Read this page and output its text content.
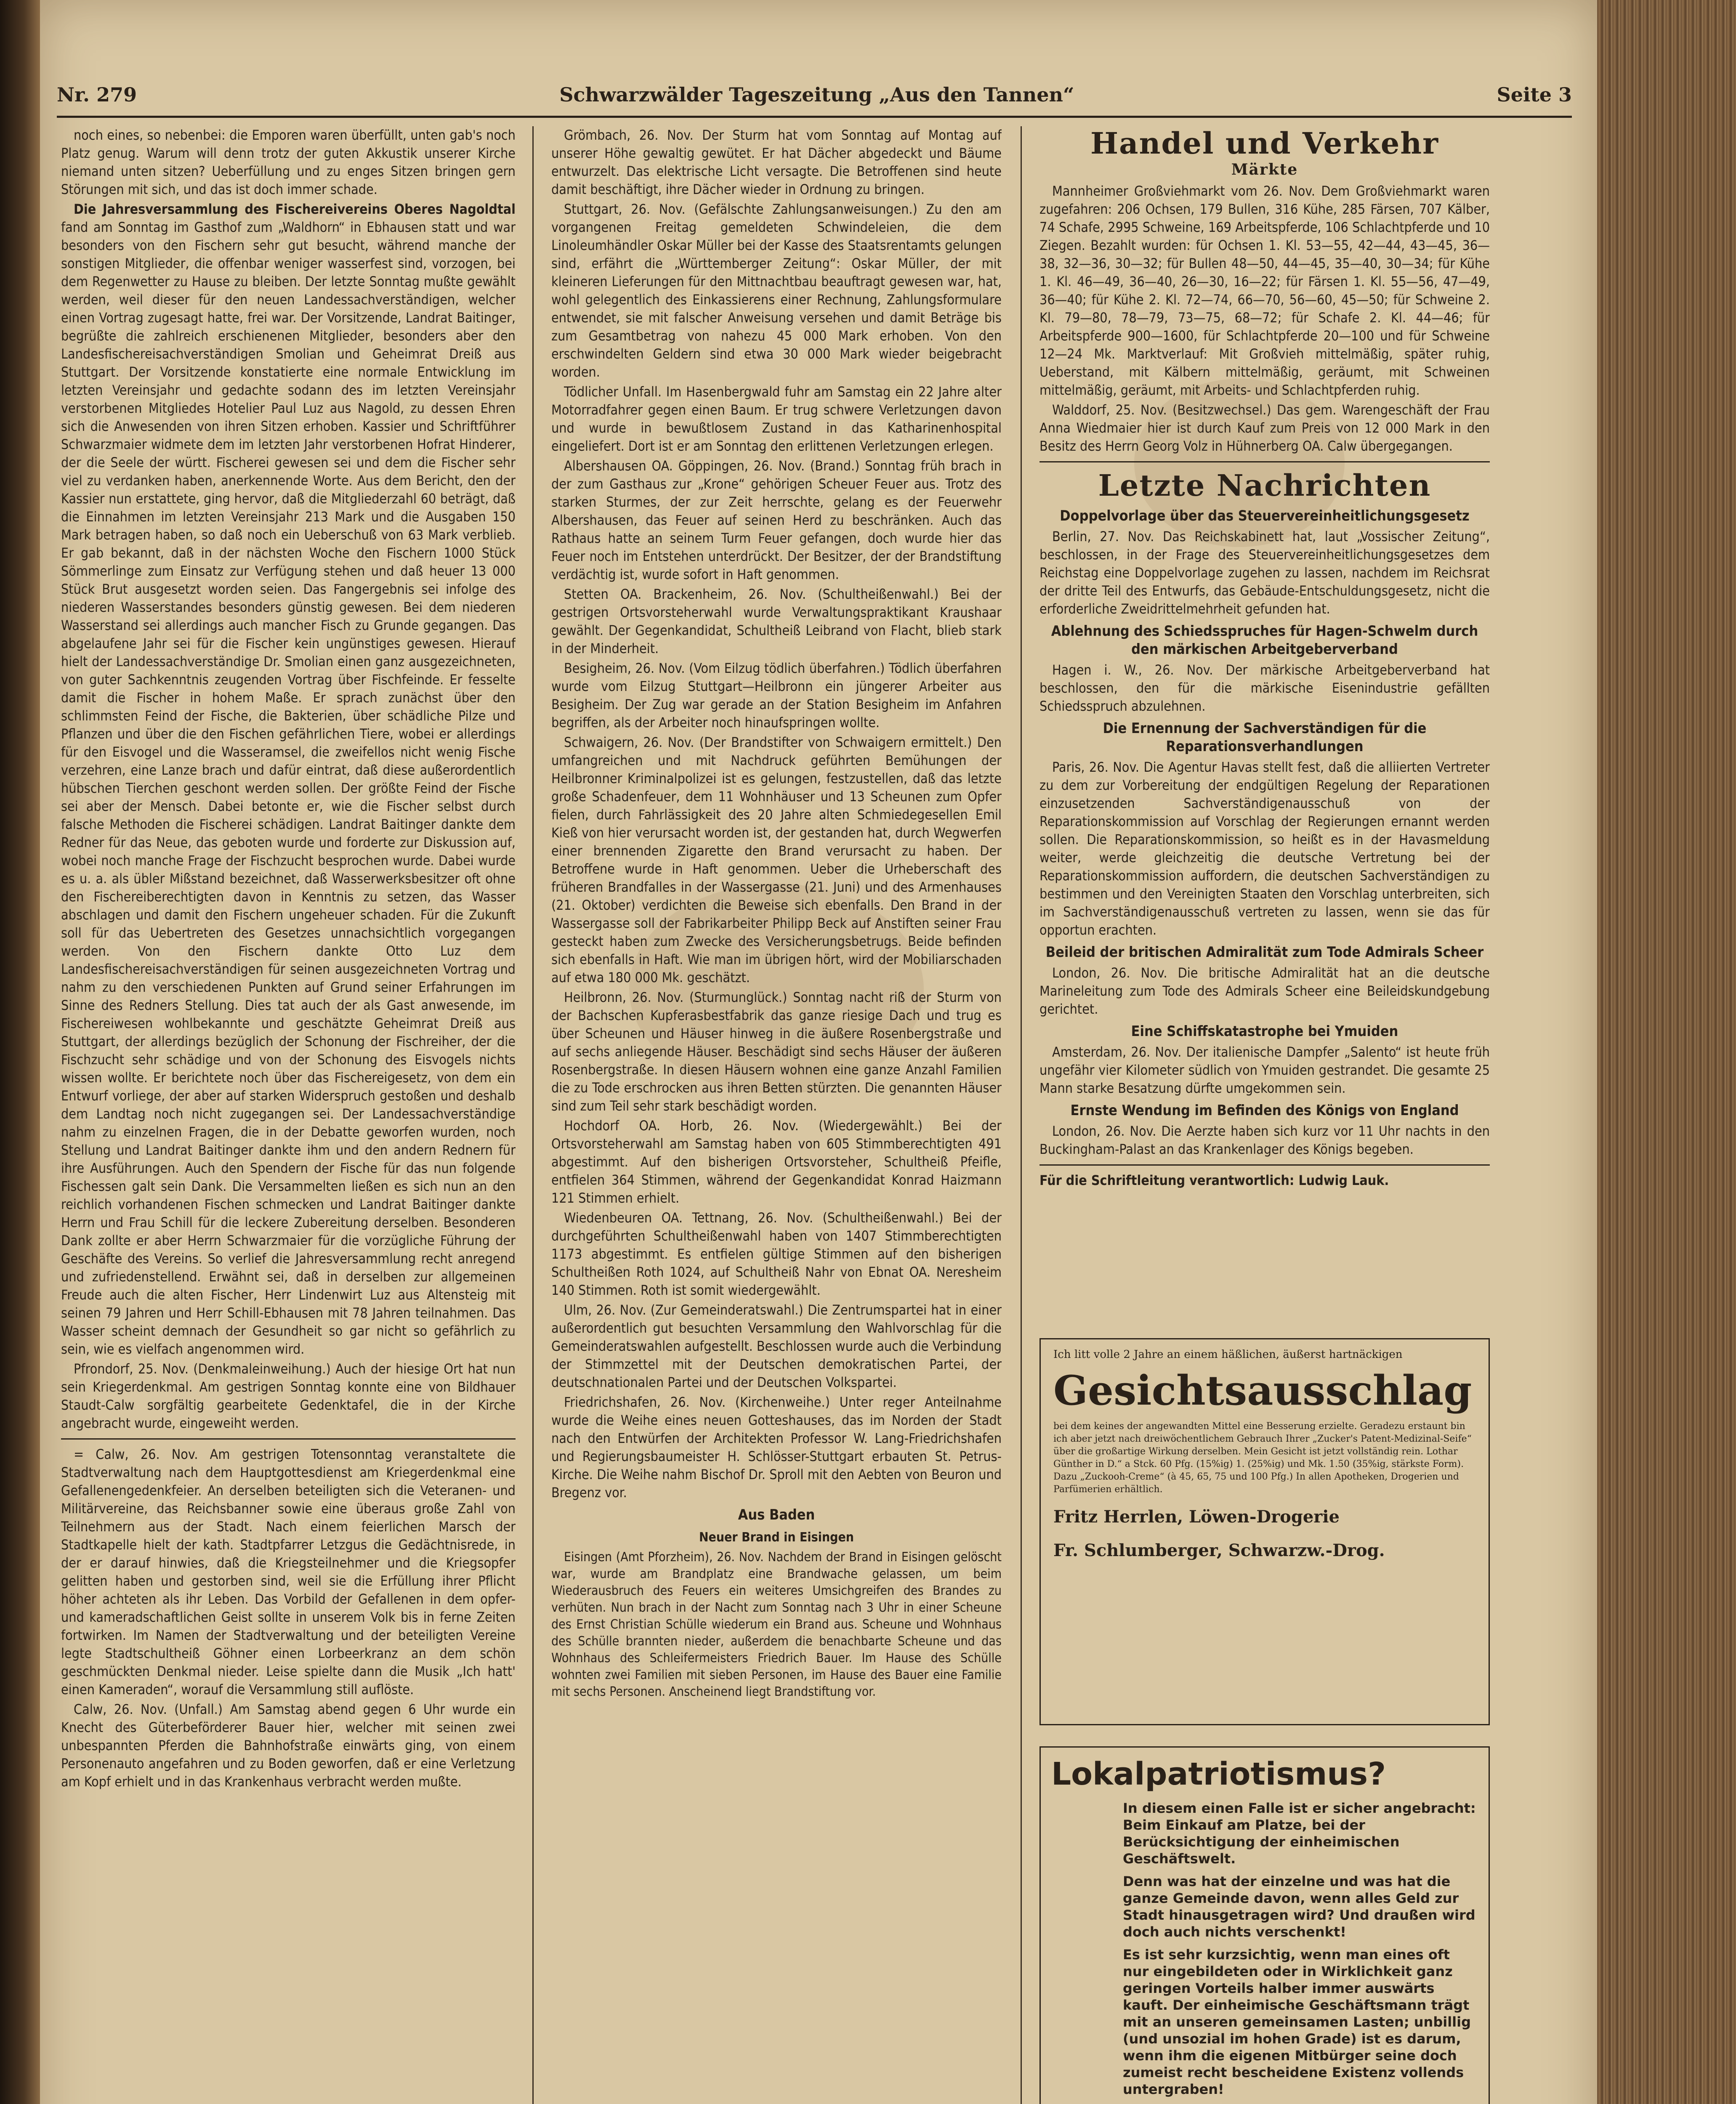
Nr. 279	Schwarzwälder Tageszeitung „Aus den Tannen“	Seite 3

noch eines, so nebenbei: die Emporen waren überfüllt, unten gab's noch Platz genug. Warum will denn trotz der guten Akkustik unserer Kirche niemand unten sitzen? Ueberfüllung und zu enges Sitzen bringen gern Störungen mit sich, und das ist doch immer schade.

Die Jahresversammlung des Fischereivereins Oberes Nagoldtal fand am Sonntag im Gasthof zum „Waldhorn“ in Ebhausen statt und war besonders von den Fischern sehr gut besucht, während manche der sonstigen Mitglieder, die offenbar weniger wasserfest sind, vorzogen, bei dem Regenwetter zu Hause zu bleiben. Der letzte Sonntag mußte gewählt werden, weil dieser für den neuen Landessachverständigen, welcher einen Vortrag zugesagt hatte, frei war. Der Vorsitzende, Landrat Baitinger, begrüßte die zahlreich erschienenen Mitglieder, besonders aber den Landesfischereisachverständigen Smolian und Geheimrat Dreiß aus Stuttgart. Der Vorsitzende konstatierte eine normale Entwicklung im letzten Vereinsjahr und gedachte sodann des im letzten Vereinsjahr verstorbenen Mitgliedes Hotelier Paul Luz aus Nagold, zu dessen Ehren sich die Anwesenden von ihren Sitzen erhoben. Kassier und Schriftführer Schwarzmaier widmete dem im letzten Jahr verstorbenen Hofrat Hinderer, der die Seele der württ. Fischerei gewesen sei und dem die Fischer sehr viel zu verdanken haben, anerkennende Worte. Aus dem Bericht, den der Kassier nun erstattete, ging hervor, daß die Mitgliederzahl 60 beträgt, daß die Einnahmen im letzten Vereinsjahr 213 Mark und die Ausgaben 150 Mark betragen haben, so daß noch ein Ueberschuß von 63 Mark verblieb. Er gab bekannt, daß in der nächsten Woche den Fischern 1000 Stück Sömmerlinge zum Einsatz zur Verfügung stehen und daß heuer 13 000 Stück Brut ausgesetzt worden seien. Das Fangergebnis sei infolge des niederen Wasserstandes besonders günstig gewesen. Bei dem niederen Wasserstand sei allerdings auch mancher Fisch zu Grunde gegangen. Das abgelaufene Jahr sei für die Fischer kein ungünstiges gewesen. Hierauf hielt der Landessachverständige Dr. Smolian einen ganz ausgezeichneten, von guter Sachkenntnis zeugenden Vortrag über Fischfeinde. Er fesselte damit die Fischer in hohem Maße. Er sprach zunächst über den schlimmsten Feind der Fische, die Bakterien, über schädliche Pilze und Pflanzen und über die den Fischen gefährlichen Tiere, wobei er allerdings für den Eisvogel und die Wasseramsel, die zweifellos nicht wenig Fische verzehren, eine Lanze brach und dafür eintrat, daß diese außerordentlich hübschen Tierchen geschont werden sollen. Der größte Feind der Fische sei aber der Mensch. Dabei betonte er, wie die Fischer selbst durch falsche Methoden die Fischerei schädigen. Landrat Baitinger dankte dem Redner für das Neue, das geboten wurde und forderte zur Diskussion auf, wobei noch manche Frage der Fischzucht besprochen wurde. Dabei wurde es u. a. als übler Mißstand bezeichnet, daß Wasserwerksbesitzer oft ohne den Fischereiberechtigten davon in Kenntnis zu setzen, das Wasser abschlagen und damit den Fischern ungeheuer schaden. Für die Zukunft soll für das Uebertreten des Gesetzes unnachsichtlich vorgegangen werden. Von den Fischern dankte Otto Luz dem Landesfischereisachverständigen für seinen ausgezeichneten Vortrag und nahm zu den verschiedenen Punkten auf Grund seiner Erfahrungen im Sinne des Redners Stellung. Dies tat auch der als Gast anwesende, im Fischereiwesen wohlbekannte und geschätzte Geheimrat Dreiß aus Stuttgart, der allerdings bezüglich der Schonung der Fischreiher, der die Fischzucht sehr schädige und von der Schonung des Eisvogels nichts wissen wollte. Er berichtete noch über das Fischereigesetz, von dem ein Entwurf vorliege, der aber auf starken Widerspruch gestoßen und deshalb dem Landtag noch nicht zugegangen sei. Der Landessachverständige nahm zu einzelnen Fragen, die in der Debatte geworfen wurden, noch Stellung und Landrat Baitinger dankte ihm und den andern Rednern für ihre Ausführungen. Auch den Spendern der Fische für das nun folgende Fischessen galt sein Dank. Die Versammelten ließen es sich nun an den reichlich vorhandenen Fischen schmecken und Landrat Baitinger dankte Herrn und Frau Schill für die leckere Zubereitung derselben. Besonderen Dank zollte er aber Herrn Schwarzmaier für die vorzügliche Führung der Geschäfte des Vereins. So verlief die Jahresversammlung recht anregend und zufriedenstellend. Erwähnt sei, daß in derselben zur allgemeinen Freude auch die alten Fischer, Herr Lindenwirt Luz aus Altensteig mit seinen 79 Jahren und Herr Schill-Ebhausen mit 78 Jahren teilnahmen. Das Wasser scheint demnach der Gesundheit so gar nicht so gefährlich zu sein, wie es vielfach angenommen wird.

Pfrondorf, 25. Nov. (Denkmaleinweihung.) Auch der hiesige Ort hat nun sein Kriegerdenkmal. Am gestrigen Sonntag konnte eine von Bildhauer Staudt-Calw sorgfältig gearbeitete Gedenktafel, die in der Kirche angebracht wurde, eingeweiht werden.

= Calw, 26. Nov. Am gestrigen Totensonntag veranstaltete die Stadtverwaltung nach dem Hauptgottesdienst am Kriegerdenkmal eine Gefallenengedenkfeier. An derselben beteiligten sich die Veteranen- und Militärvereine, das Reichsbanner sowie eine überaus große Zahl von Teilnehmern aus der Stadt. Nach einem feierlichen Marsch der Stadtkapelle hielt der kath. Stadtpfarrer Letzgus die Gedächtnisrede, in der er darauf hinwies, daß die Kriegsteilnehmer und die Kriegsopfer gelitten haben und gestorben sind, weil sie die Erfüllung ihrer Pflicht höher achteten als ihr Leben. Das Vorbild der Gefallenen in dem opfer- und kameradschaftlichen Geist sollte in unserem Volk bis in ferne Zeiten fortwirken. Im Namen der Stadtverwaltung und der beteiligten Vereine legte Stadtschultheiß Göhner einen Lorbeerkranz an dem schön geschmückten Denkmal nieder. Leise spielte dann die Musik „Ich hatt' einen Kameraden“, worauf die Versammlung still auflöste.

Calw, 26. Nov. (Unfall.) Am Samstag abend gegen 6 Uhr wurde ein Knecht des Güterbeförderer Bauer hier, welcher mit seinen zwei unbespannten Pferden die Bahnhofstraße einwärts ging, von einem Personenauto angefahren und zu Boden geworfen, daß er eine Verletzung am Kopf erhielt und in das Krankenhaus verbracht werden mußte.

Grömbach, 26. Nov. Der Sturm hat vom Sonntag auf Montag auf unserer Höhe gewaltig gewütet. Er hat Dächer abgedeckt und Bäume entwurzelt. Das elektrische Licht versagte. Die Betroffenen sind heute damit beschäftigt, ihre Dächer wieder in Ordnung zu bringen.

Stuttgart, 26. Nov. (Gefälschte Zahlungsanweisungen.) Zu den am vorgangenen Freitag gemeldeten Schwindeleien, die dem Linoleumhändler Oskar Müller bei der Kasse des Staatsrentamts gelungen sind, erfährt die „Württemberger Zeitung“: Oskar Müller, der mit kleineren Lieferungen für den Mittnachtbau beauftragt gewesen war, hat, wohl gelegentlich des Einkassierens einer Rechnung, Zahlungsformulare entwendet, sie mit falscher Anweisung versehen und damit Beträge bis zum Gesamtbetrag von nahezu 45 000 Mark erhoben. Von den erschwindelten Geldern sind etwa 30 000 Mark wieder beigebracht worden.

Tödlicher Unfall. Im Hasenbergwald fuhr am Samstag ein 22 Jahre alter Motorradfahrer gegen einen Baum. Er trug schwere Verletzungen davon und wurde in bewußtlosem Zustand in das Katharinenhospital eingeliefert. Dort ist er am Sonntag den erlittenen Verletzungen erlegen.

Albershausen OA. Göppingen, 26. Nov. (Brand.) Sonntag früh brach in der zum Gasthaus zur „Krone“ gehörigen Scheuer Feuer aus. Trotz des starken Sturmes, der zur Zeit herrschte, gelang es der Feuerwehr Albershausen, das Feuer auf seinen Herd zu beschränken. Auch das Rathaus hatte an seinem Turm Feuer gefangen, doch wurde hier das Feuer noch im Entstehen unterdrückt. Der Besitzer, der der Brandstiftung verdächtig ist, wurde sofort in Haft genommen.

Stetten OA. Brackenheim, 26. Nov. (Schultheißenwahl.) Bei der gestrigen Ortsvorsteherwahl wurde Verwaltungspraktikant Kraushaar gewählt. Der Gegenkandidat, Schultheiß Leibrand von Flacht, blieb stark in der Minderheit.

Besigheim, 26. Nov. (Vom Eilzug tödlich überfahren.) Tödlich überfahren wurde vom Eilzug Stuttgart—Heilbronn ein jüngerer Arbeiter aus Besigheim. Der Zug war gerade an der Station Besigheim im Anfahren begriffen, als der Arbeiter noch hinaufspringen wollte.

Schwaigern, 26. Nov. (Der Brandstifter von Schwaigern ermittelt.) Den umfangreichen und mit Nachdruck geführten Bemühungen der Heilbronner Kriminalpolizei ist es gelungen, festzustellen, daß das letzte große Schadenfeuer, dem 11 Wohnhäuser und 13 Scheunen zum Opfer fielen, durch Fahrlässigkeit des 20 Jahre alten Schmiedegesellen Emil Kieß von hier verursacht worden ist, der gestanden hat, durch Wegwerfen einer brennenden Zigarette den Brand verursacht zu haben. Der Betroffene wurde in Haft genommen. Ueber die Urheberschaft des früheren Brandfalles in der Wassergasse (21. Juni) und des Armenhauses (21. Oktober) verdichten die Beweise sich ebenfalls. Den Brand in der Wassergasse soll der Fabrikarbeiter Philipp Beck auf Anstiften seiner Frau gesteckt haben zum Zwecke des Versicherungsbetrugs. Beide befinden sich ebenfalls in Haft. Wie man im übrigen hört, wird der Mobiliarschaden auf etwa 180 000 Mk. geschätzt.

Heilbronn, 26. Nov. (Sturmunglück.) Sonntag nacht riß der Sturm von der Bachschen Kupferasbestfabrik das ganze riesige Dach und trug es über Scheunen und Häuser hinweg in die äußere Rosenbergstraße und auf sechs anliegende Häuser. Beschädigt sind sechs Häuser der äußeren Rosenbergstraße. In diesen Häusern wohnen eine ganze Anzahl Familien die zu Tode erschrocken aus ihren Betten stürzten. Die genannten Häuser sind zum Teil sehr stark beschädigt worden.

Hochdorf OA. Horb, 26. Nov. (Wiedergewählt.) Bei der Ortsvorsteherwahl am Samstag haben von 605 Stimmberechtigten 491 abgestimmt. Auf den bisherigen Ortsvorsteher, Schultheiß Pfeifle, entfielen 364 Stimmen, während der Gegenkandidat Konrad Haizmann 121 Stimmen erhielt.

Wiedenbeuren OA. Tettnang, 26. Nov. (Schultheißenwahl.) Bei der durchgeführten Schultheißenwahl haben von 1407 Stimmberechtigten 1173 abgestimmt. Es entfielen gültige Stimmen auf den bisherigen Schultheißen Roth 1024, auf Schultheiß Nahr von Ebnat OA. Neresheim 140 Stimmen. Roth ist somit wiedergewählt.

Ulm, 26. Nov. (Zur Gemeinderatswahl.) Die Zentrumspartei hat in einer außerordentlich gut besuchten Versammlung den Wahlvorschlag für die Gemeinderatswahlen aufgestellt. Beschlossen wurde auch die Verbindung der Stimmzettel mit der Deutschen demokratischen Partei, der deutschnationalen Partei und der Deutschen Volkspartei.

Friedrichshafen, 26. Nov. (Kirchenweihe.) Unter reger Anteilnahme wurde die Weihe eines neuen Gotteshauses, das im Norden der Stadt nach den Entwürfen der Architekten Professor W. Lang-Friedrichshafen und Regierungsbaumeister H. Schlösser-Stuttgart erbauten St. Petrus-Kirche. Die Weihe nahm Bischof Dr. Sproll mit den Aebten von Beuron und Bregenz vor.

Aus Baden
Neuer Brand in Eisingen

Eisingen (Amt Pforzheim), 26. Nov. Nachdem der Brand in Eisingen gelöscht war, wurde am Brandplatz eine Brandwache gelassen, um beim Wiederausbruch des Feuers ein weiteres Umsichgreifen des Brandes zu verhüten. Nun brach in der Nacht zum Sonntag nach 3 Uhr in einer Scheune des Ernst Christian Schülle wiederum ein Brand aus. Scheune und Wohnhaus des Schülle brannten nieder, außerdem die benachbarte Scheune und das Wohnhaus des Schleifermeisters Friedrich Bauer. Im Hause des Schülle wohnten zwei Familien mit sieben Personen, im Hause des Bauer eine Familie mit sechs Personen. Anscheinend liegt Brandstiftung vor.

Handel und Verkehr
Märkte

Mannheimer Großviehmarkt vom 26. Nov. Dem Großviehmarkt waren zugefahren: 206 Ochsen, 179 Bullen, 316 Kühe, 285 Färsen, 707 Kälber, 74 Schafe, 2995 Schweine, 169 Arbeitspferde, 106 Schlachtpferde und 10 Ziegen. Bezahlt wurden: für Ochsen 1. Kl. 53—55, 42—44, 43—45, 36—38, 32—36, 30—32; für Bullen 48—50, 44—45, 35—40, 30—34; für Kühe 1. Kl. 46—49, 36—40, 26—30, 16—22; für Färsen 1. Kl. 55—56, 47—49, 36—40; für Kühe 2. Kl. 72—74, 66—70, 56—60, 45—50; für Schweine 2. Kl. 79—80, 78—79, 73—75, 68—72; für Schafe 2. Kl. 44—46; für Arbeitspferde 900—1600, für Schlachtpferde 20—100 und für Schweine 12—24 Mk. Marktverlauf: Mit Großvieh mittelmäßig, später ruhig, Ueberstand, mit Kälbern mittelmäßig, geräumt, mit Schweinen mittelmäßig, geräumt, mit Arbeits- und Schlachtpferden ruhig.

Walddorf, 25. Nov. (Besitzwechsel.) Das gem. Warengeschäft der Frau Anna Wiedmaier hier ist durch Kauf zum Preis von 12 000 Mark in den Besitz des Herrn Georg Volz in Hühnerberg OA. Calw übergegangen.

Letzte Nachrichten
Doppelvorlage über das Steuervereinheitlichungsgesetz

Berlin, 27. Nov. Das Reichskabinett hat, laut „Vossischer Zeitung“, beschlossen, in der Frage des Steuervereinheitlichungsgesetzes dem Reichstag eine Doppelvorlage zugehen zu lassen, nachdem im Reichsrat der dritte Teil des Entwurfs, das Gebäude-Entschuldungsgesetz, nicht die erforderliche Zweidrittelmehrheit gefunden hat.

Ablehnung des Schiedsspruches für Hagen-Schwelm durch den märkischen Arbeitgeberverband

Hagen i. W., 26. Nov. Der märkische Arbeitgeberverband hat beschlossen, den für die märkische Eisenindustrie gefällten Schiedsspruch abzulehnen.

Die Ernennung der Sachverständigen für die Reparationsverhandlungen

Paris, 26. Nov. Die Agentur Havas stellt fest, daß die alliierten Vertreter zu dem zur Vorbereitung der endgültigen Regelung der Reparationen einzusetzenden Sachverständigenausschuß von der Reparationskommission auf Vorschlag der Regierungen ernannt werden sollen. Die Reparationskommission, so heißt es in der Havasmeldung weiter, werde gleichzeitig die deutsche Vertretung bei der Reparationskommission auffordern, die deutschen Sachverständigen zu bestimmen und den Vereinigten Staaten den Vorschlag unterbreiten, sich im Sachverständigenausschuß vertreten zu lassen, wenn sie das für opportun erachten.

Beileid der britischen Admiralität zum Tode Admirals Scheer

London, 26. Nov. Die britische Admiralität hat an die deutsche Marineleitung zum Tode des Admirals Scheer eine Beileidskundgebung gerichtet.

Eine Schiffskatastrophe bei Ymuiden

Amsterdam, 26. Nov. Der italienische Dampfer „Salento“ ist heute früh ungefähr vier Kilometer südlich von Ymuiden gestrandet. Die gesamte 25 Mann starke Besatzung dürfte umgekommen sein.

Ernste Wendung im Befinden des Königs von England

London, 26. Nov. Die Aerzte haben sich kurz vor 11 Uhr nachts in den Buckingham-Palast an das Krankenlager des Königs begeben.

Für die Schriftleitung verantwortlich: Ludwig Lauk.

Ich litt volle 2 Jahre an einem häßlichen, äußerst hartnäckigen
Gesichtsausschlag
bei dem keines der angewandten Mittel eine Besserung erzielte. Geradezu erstaunt bin ich aber jetzt nach dreiwöchentlichem Gebrauch Ihrer „Zucker's Patent-Medizinal-Seife“ über die großartige Wirkung derselben. Mein Gesicht ist jetzt vollständig rein. Lothar Günther in D.“ a Stck. 60 Pfg. (15%ig) 1. (25%ig) und Mk. 1.50 (35%ig, stärkste Form). Dazu „Zuckooh-Creme“ (à 45, 65, 75 und 100 Pfg.) In allen Apotheken, Drogerien und Parfümerien erhältlich.
Fritz Herrlen, Löwen-Drogerie
Fr. Schlumberger, Schwarzw.-Drog.
Lokalpatriotismus?

In diesem einen Falle ist er sicher angebracht: Beim Einkauf am Platze, bei der Berücksichtigung der einheimischen Geschäftswelt.

Denn was hat der einzelne und was hat die ganze Gemeinde davon, wenn alles Geld zur Stadt hinausgetragen wird? Und draußen wird doch auch nichts verschenkt!

Es ist sehr kurzsichtig, wenn man eines oft nur eingebildeten oder in Wirklichkeit ganz geringen Vorteils halber immer auswärts kauft. Der einheimische Geschäftsmann trägt mit an unseren gemeinsamen Lasten; unbillig (und unsozial im hohen Grade) ist es darum, wenn ihm die eigenen Mitbürger seine doch zumeist recht bescheidene Existenz vollends untergraben!
